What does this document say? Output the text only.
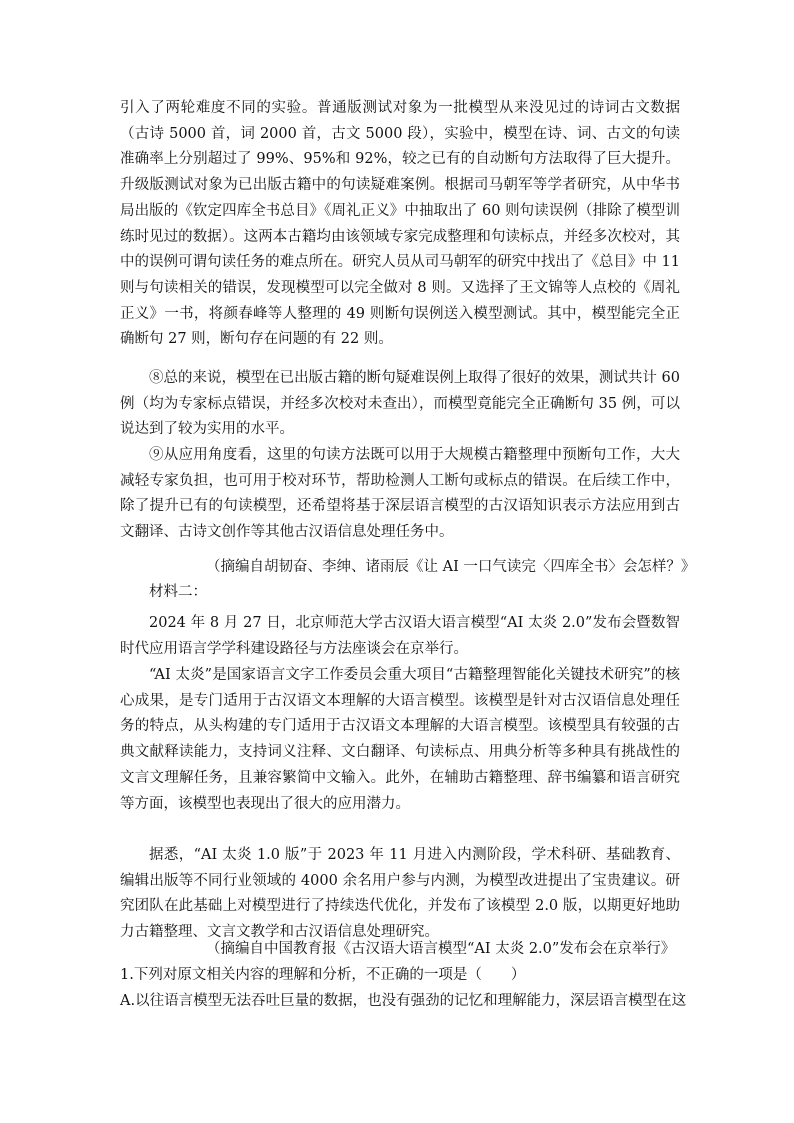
引入了两轮难度不同的实验。普通版测试对象为一批模型从来没见过的诗词古文数据（古诗 5000 首，词 2000 首，古文 5000 段），实验中，模型在诗、词、古文的句读准确率上分别超过了 99%、95%和 92%，较之已有的自动断句方法取得了巨大提升。升级版测试对象为已出版古籍中的句读疑难案例。根据司马朝军等学者研究，从中华书局出版的《钦定四库全书总目》《周礼正义》中抽取出了 60 则句读误例（排除了模型训练时见过的数据）。这两本古籍均由该领域专家完成整理和句读标点，并经多次校对，其中的误例可谓句读任务的难点所在。研究人员从司马朝军的研究中找出了《总目》中 11 则与句读相关的错误，发现模型可以完全做对 8 则。又选择了王文锦等人点校的《周礼正义》一书，将颜春峰等人整理的 49 则断句误例送入模型测试。其中，模型能完全正确断句 27 则，断句存在问题的有 22 则。

⑧总的来说，模型在已出版古籍的断句疑难误例上取得了很好的效果，测试共计 60 例（均为专家标点错误，并经多次校对未查出），而模型竟能完全正确断句 35 例，可以说达到了较为实用的水平。

⑨从应用角度看，这里的句读方法既可以用于大规模古籍整理中预断句工作，大大减轻专家负担，也可用于校对环节，帮助检测人工断句或标点的错误。在后续工作中，除了提升已有的句读模型，还希望将基于深层语言模型的古汉语知识表示方法应用到古文翻译、古诗文创作等其他古汉语信息处理任务中。

（摘编自胡韧奋、李绅、诸雨辰《让 AI 一口气读完〈四库全书〉会怎样？》

材料二：

2024 年 8 月 27 日，北京师范大学古汉语大语言模型“AI 太炎 2.0”发布会暨数智时代应用语言学学科建设路径与方法座谈会在京举行。

“AI 太炎”是国家语言文字工作委员会重大项目“古籍整理智能化关键技术研究”的核心成果，是专门适用于古汉语文本理解的大语言模型。该模型是针对古汉语信息处理任务的特点，从头构建的专门适用于古汉语文本理解的大语言模型。该模型具有较强的古典文献释读能力，支持词义注释、文白翻译、句读标点、用典分析等多种具有挑战性的文言文理解任务，且兼容繁简中文输入。此外，在辅助古籍整理、辞书编纂和语言研究等方面，该模型也表现出了很大的应用潜力。

据悉，“AI 太炎 1.0 版”于 2023 年 11 月进入内测阶段，学术科研、基础教育、编辑出版等不同行业领域的 4000 余名用户参与内测，为模型改进提出了宝贵建议。研究团队在此基础上对模型进行了持续迭代优化，并发布了该模型 2.0 版，以期更好地助力古籍整理、文言文教学和古汉语信息处理研究。

（摘编自中国教育报《古汉语大语言模型“AI 太炎 2.0”发布会在京举行》

1.下列对原文相关内容的理解和分析，不正确的一项是（　　）

A.以往语言模型无法吞吐巨量的数据，也没有强劲的记忆和理解能力，深层语言模型在这
